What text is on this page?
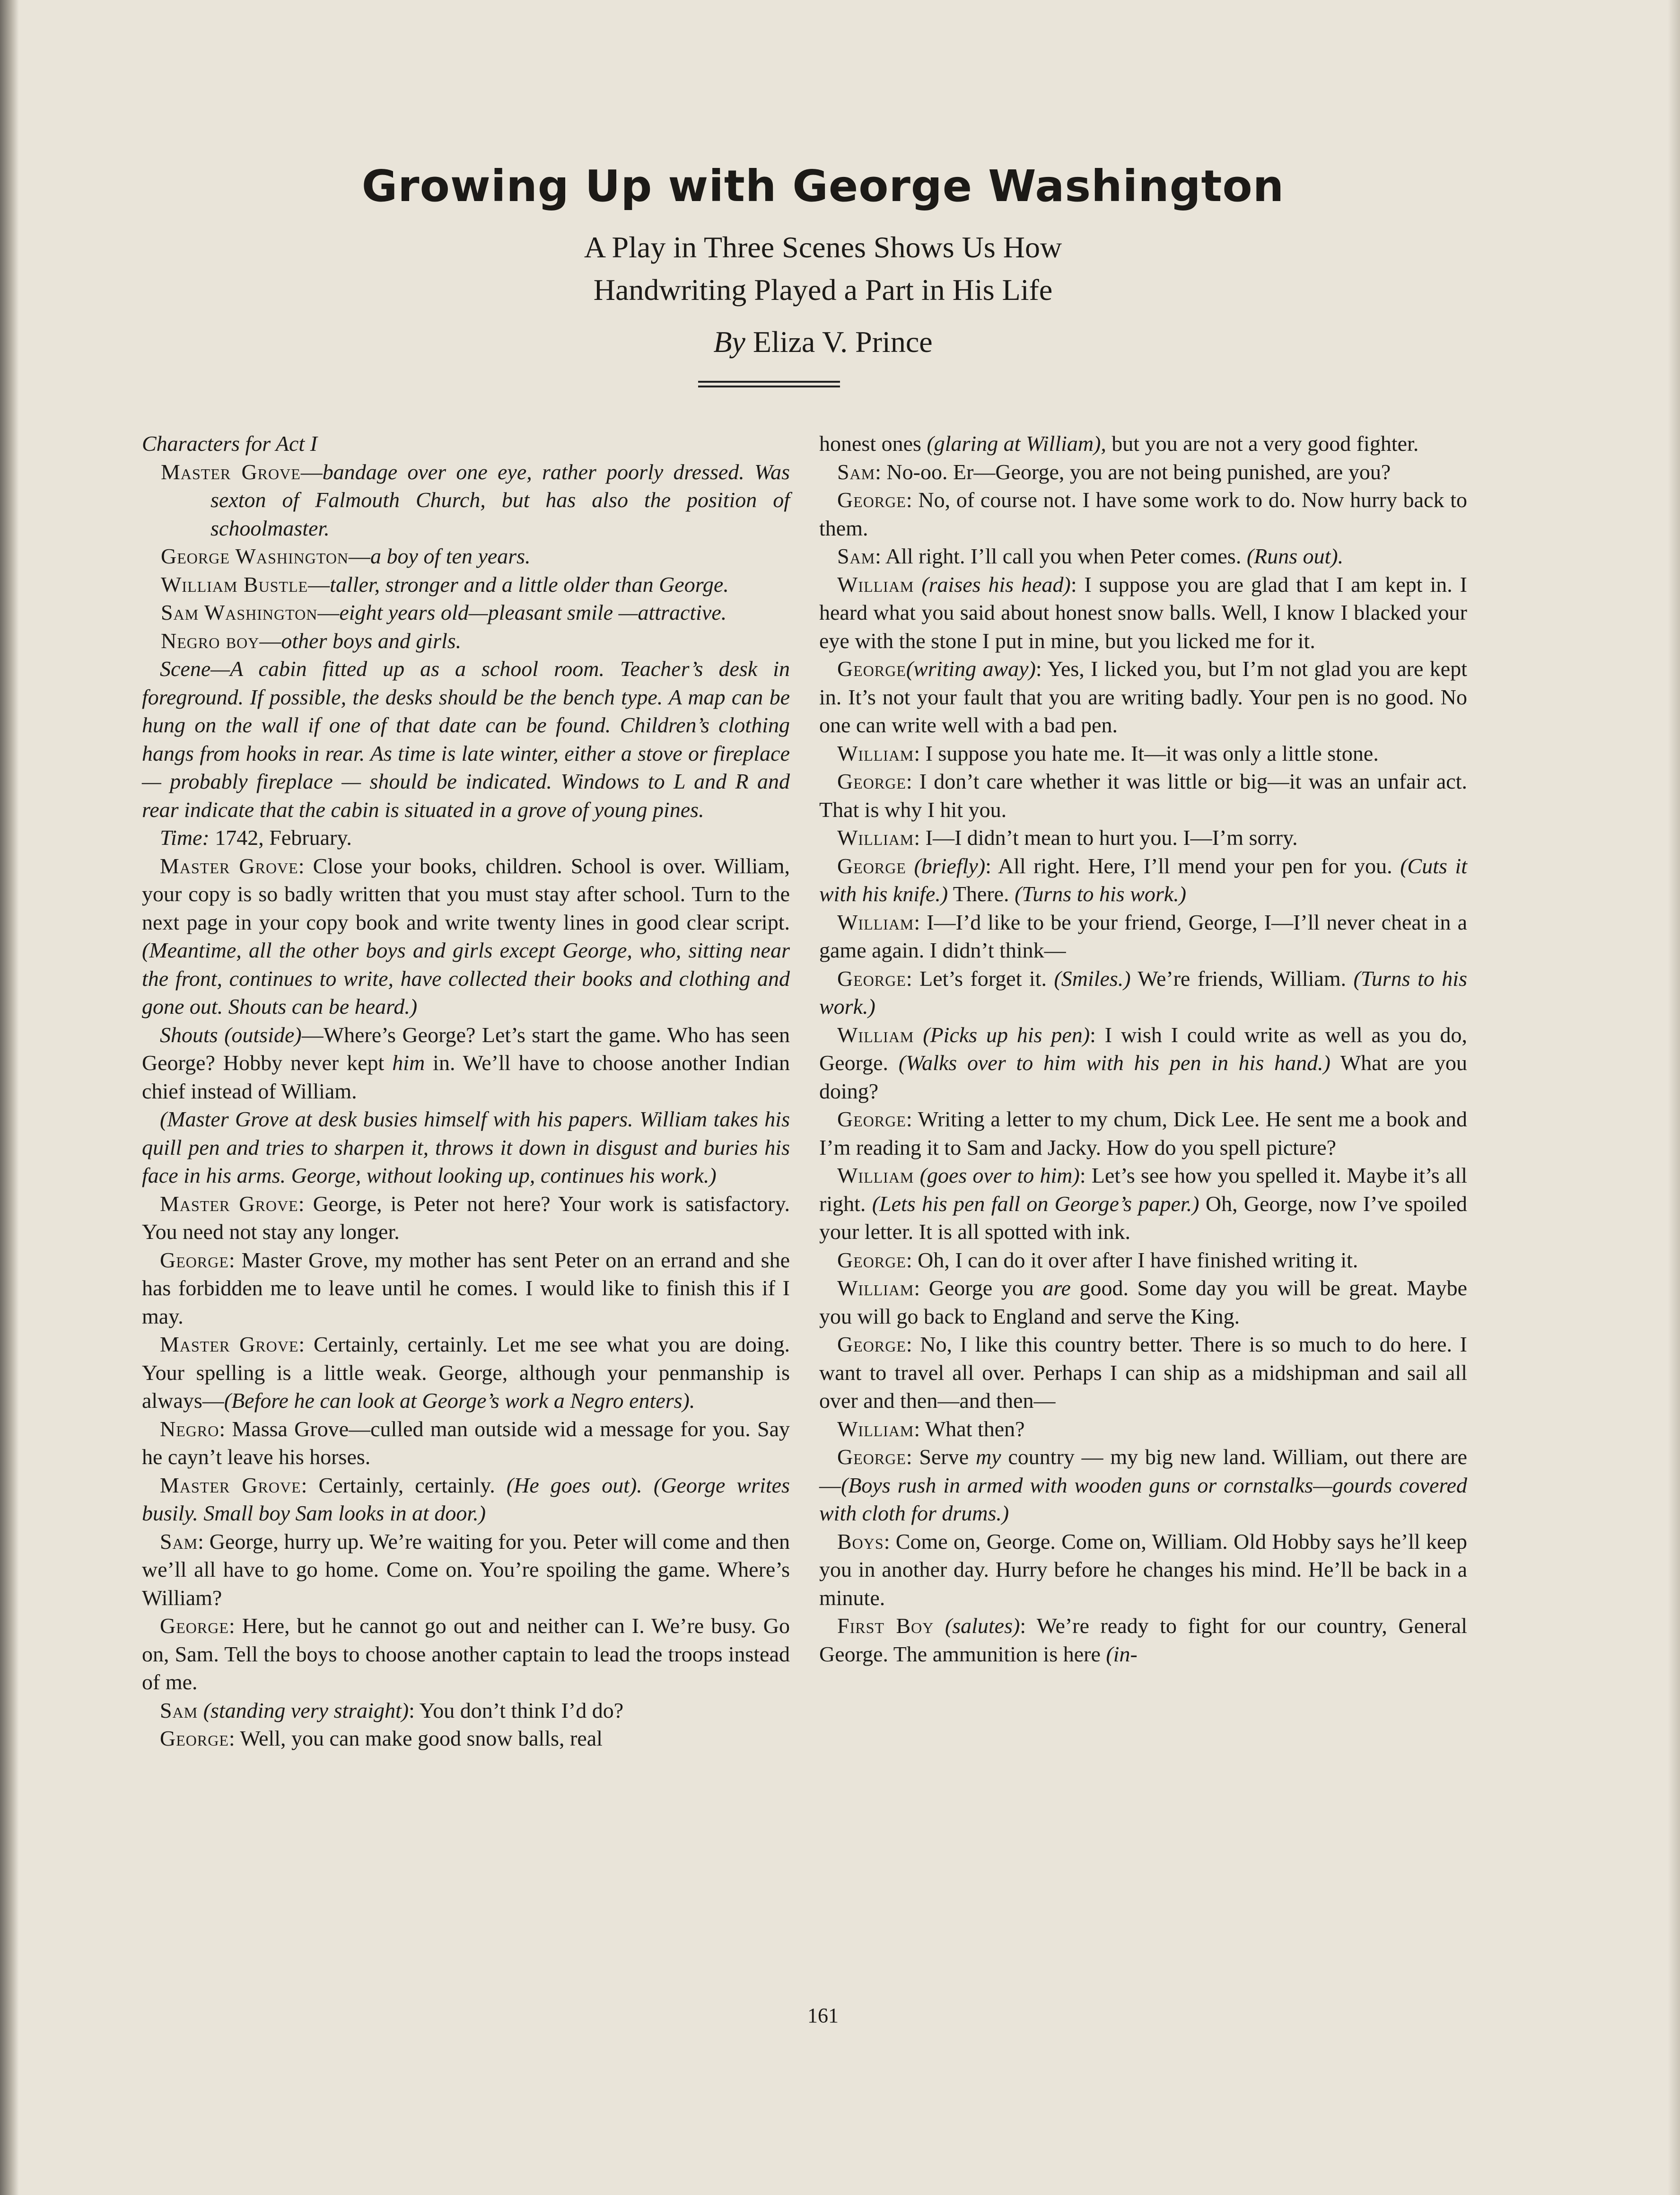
Growing Up with George Washington
A Play in Three Scenes Shows Us How
Handwriting Played a Part in His Life
By Eliza V. Prince

Characters for Act I

Master Grove—bandage over one eye, rather poorly dressed. Was sexton of Falmouth Church, but has also the position of schoolmaster.

George Washington—a boy of ten years.

William Bustle—taller, stronger and a little older than George.

Sam Washington—eight years old—pleasant smile —attractive.

Negro boy—other boys and girls.

Scene—A cabin fitted up as a school room. Teacher’s desk in foreground. If possible, the desks should be the bench type. A map can be hung on the wall if one of that date can be found. Children’s clothing hangs from hooks in rear. As time is late winter, either a stove or fireplace — probably fireplace — should be indicated. Windows to L and R and rear indicate that the cabin is situated in a grove of young pines.

Time: 1742, February.

Master Grove: Close your books, children. School is over. William, your copy is so badly written that you must stay after school. Turn to the next page in your copy book and write twenty lines in good clear script. (Meantime, all the other boys and girls except George, who, sitting near the front, continues to write, have collected their books and clothing and gone out. Shouts can be heard.)

Shouts (outside)—Where’s George? Let’s start the game. Who has seen George? Hobby never kept him in. We’ll have to choose another Indian chief instead of William.

(Master Grove at desk busies himself with his papers. William takes his quill pen and tries to sharpen it, throws it down in disgust and buries his face in his arms. George, without looking up, continues his work.)

Master Grove: George, is Peter not here? Your work is satisfactory. You need not stay any longer.

George: Master Grove, my mother has sent Peter on an errand and she has forbidden me to leave until he comes. I would like to finish this if I may.

Master Grove: Certainly, certainly. Let me see what you are doing. Your spelling is a little weak. George, although your penmanship is always—(Before he can look at George’s work a Negro enters).

Negro: Massa Grove—culled man outside wid a message for you. Say he cayn’t leave his horses.

Master Grove: Certainly, certainly. (He goes out). (George writes busily. Small boy Sam looks in at door.)

Sam: George, hurry up. We’re waiting for you. Peter will come and then we’ll all have to go home. Come on. You’re spoiling the game. Where’s William?

George: Here, but he cannot go out and neither can I. We’re busy. Go on, Sam. Tell the boys to choose another captain to lead the troops instead of me.

Sam (standing very straight): You don’t think I’d do?

George: Well, you can make good snow balls, real

honest ones (glaring at William), but you are not a very good fighter.

Sam: No-oo. Er—George, you are not being punished, are you?

George: No, of course not. I have some work to do. Now hurry back to them.

Sam: All right. I’ll call you when Peter comes. (Runs out).

William (raises his head): I suppose you are glad that I am kept in. I heard what you said about honest snow balls. Well, I know I blacked your eye with the stone I put in mine, but you licked me for it.

George(writing away): Yes, I licked you, but I’m not glad you are kept in. It’s not your fault that you are writing badly. Your pen is no good. No one can write well with a bad pen.

William: I suppose you hate me. It—it was only a little stone.

George: I don’t care whether it was little or big—it was an unfair act. That is why I hit you.

William: I—I didn’t mean to hurt you. I—I’m sorry.

George (briefly): All right. Here, I’ll mend your pen for you. (Cuts it with his knife.) There. (Turns to his work.)

William: I—I’d like to be your friend, George, I—I’ll never cheat in a game again. I didn’t think—

George: Let’s forget it. (Smiles.) We’re friends, William. (Turns to his work.)

William (Picks up his pen): I wish I could write as well as you do, George. (Walks over to him with his pen in his hand.) What are you doing?

George: Writing a letter to my chum, Dick Lee. He sent me a book and I’m reading it to Sam and Jacky. How do you spell picture?

William (goes over to him): Let’s see how you spelled it. Maybe it’s all right. (Lets his pen fall on George’s paper.) Oh, George, now I’ve spoiled your letter. It is all spotted with ink.

George: Oh, I can do it over after I have finished writing it.

William: George you are good. Some day you will be great. Maybe you will go back to England and serve the King.

George: No, I like this country better. There is so much to do here. I want to travel all over. Perhaps I can ship as a midshipman and sail all over and then—and then—

William: What then?

George: Serve my country — my big new land. William, out there are—(Boys rush in armed with wooden guns or cornstalks—gourds covered with cloth for drums.)

Boys: Come on, George. Come on, William. Old Hobby says he’ll keep you in another day. Hurry before he changes his mind. He’ll be back in a minute.

First Boy (salutes): We’re ready to fight for our country, General George. The ammunition is here (in-

161
